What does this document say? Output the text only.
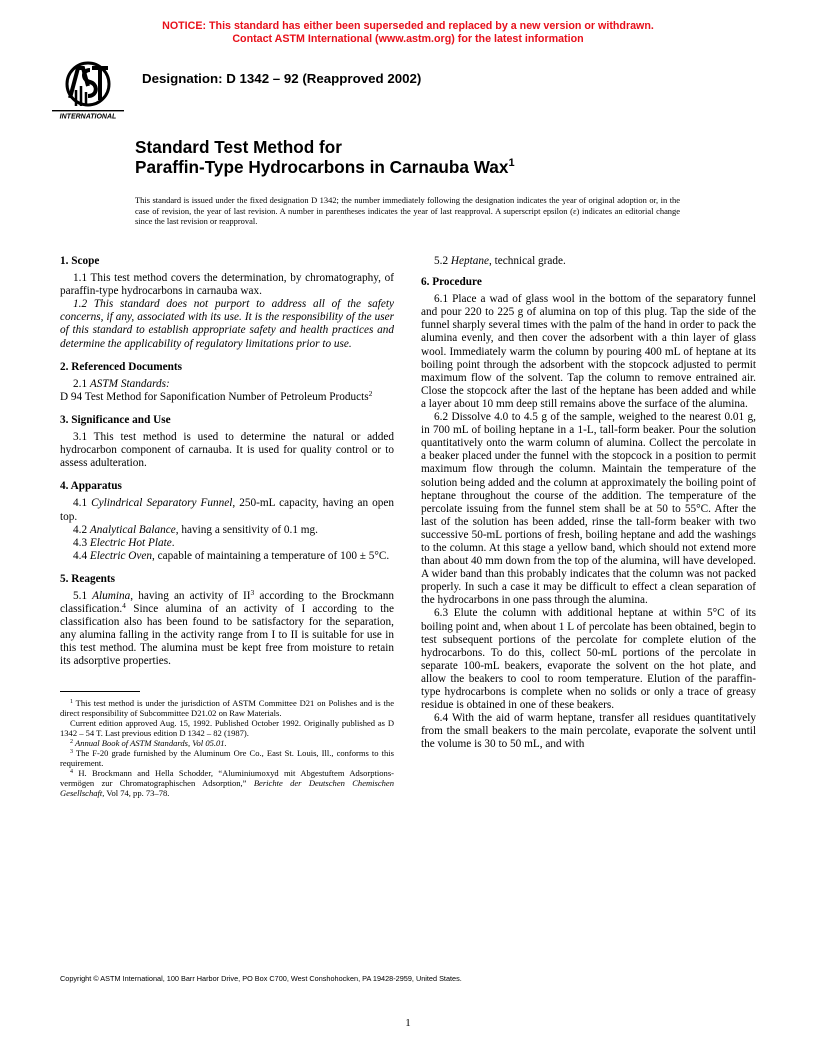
NOTICE: This standard has either been superseded and replaced by a new version or withdrawn.
Contact ASTM International (www.astm.org) for the latest information
INTERNATIONAL
Designation: D 1342 – 92 (Reapproved 2002)
Standard Test Method for
Paraffin-Type Hydrocarbons in Carnauba Wax$^1$
This standard is issued under the fixed designation D 1342; the number immediately following the designation indicates the year of original adoption or, in the case of revision, the year of last revision. A number in parentheses indicates the year of last reapproval. A superscript epsilon (ε) indicates an editorial change since the last revision or reapproval.
1. Scope

1.1 This test method covers the determination, by chromatography, of paraffin-type hydrocarbons in carnauba wax.

1.2 This standard does not purport to address all of the safety concerns, if any, associated with its use. It is the responsibility of the user of this standard to establish appropriate safety and health practices and determine the applicability of regulatory limitations prior to use.

2. Referenced Documents

2.1 ASTM Standards:

D 94 Test Method for Saponification Number of Petroleum Products$^2$

3. Significance and Use

3.1 This test method is used to determine the natural or added hydrocarbon component of carnauba. It is used for quality control or to assess adulteration.

4. Apparatus

4.1 Cylindrical Separatory Funnel, 250-mL capacity, having an open top.

4.2 Analytical Balance, having a sensitivity of 0.1 mg.

4.3 Electric Hot Plate.

4.4 Electric Oven, capable of maintaining a temperature of 100 ± 5°C.

5. Reagents

5.1 Alumina, having an activity of $II^3$ according to the Brockmann classification.$^4$ Since alumina of an activity of I according to the classification also has been found to be satisfactory for the separation, any alumina falling in the activity range from I to II is suitable for use in this test method. The alumina must be kept free from moisture to retain its adsorptive properties.

$^1$ This test method is under the jurisdiction of ASTM Committee D21 on Polishes and is the direct responsibility of Subcommittee D21.02 on Raw Materials.

Current edition approved Aug. 15, 1992. Published October 1992. Originally published as D 1342 – 54 T. Last previous edition D 1342 – 82 (1987).

$^2$ Annual Book of ASTM Standards, Vol 05.01.

$^3$ The F-20 grade furnished by the Aluminum Ore Co., East St. Louis, Ill., conforms to this requirement.

$^4$ H. Brockmann and Hella Schodder, “Aluminiumoxyd mit Abgestuftem Adsorptions-vermögen zur Chromatographischen Adsorption,” Berichte der Deutschen Chemischen Gesellschaft, Vol 74, pp. 73–78.

5.2 Heptane, technical grade.

6. Procedure

6.1 Place a wad of glass wool in the bottom of the separatory funnel and pour 220 to 225 g of alumina on top of this plug. Tap the side of the funnel sharply several times with the palm of the hand in order to pack the alumina evenly, and then cover the adsorbent with a thin layer of glass wool. Immediately warm the column by pouring 400 mL of heptane at its boiling point through the adsorbent with the stopcock adjusted to permit maximum flow of the solvent. Tap the column to remove entrained air. Close the stopcock after the last of the heptane has been added and while a layer about 10 mm deep still remains above the surface of the alumina.

6.2 Dissolve 4.0 to 4.5 g of the sample, weighed to the nearest 0.01 g, in 700 mL of boiling heptane in a 1-L, tall-form beaker. Pour the solution quantitatively onto the warm column of alumina. Collect the percolate in a beaker placed under the funnel with the stopcock in a position to permit maximum flow through the column. Maintain the temperature of the solution being added and the column at approximately the boiling point of heptane throughout the course of the addition. The temperature of the percolate issuing from the funnel stem shall be at 50 to 55°C. After the last of the solution has been added, rinse the tall-form beaker with two successive 50-mL portions of fresh, boiling heptane and add the washings to the column. At this stage a yellow band, which should not extend more than about 40 mm down from the top of the alumina, will have developed. A wider band than this probably indicates that the column was not packed properly. In such a case it may be difficult to effect a clean separation of the hydrocarbons in one pass through the alumina.

6.3 Elute the column with additional heptane at within 5°C of its boiling point and, when about 1 L of percolate has been obtained, begin to test subsequent portions of the percolate for complete elution of the hydrocarbons. To do this, collect 50-mL portions of the percolate in separate 100-mL beakers, evaporate the solvent on the hot plate, and allow the beakers to cool to room temperature. Elution of the paraffin-type hydrocarbons is complete when no solids or only a trace of greasy residue is obtained in one of these beakers.

6.4 With the aid of warm heptane, transfer all residues quantitatively from the small beakers to the main percolate, evaporate the solvent until the volume is 30 to 50 mL, and with

Copyright © ASTM International, 100 Barr Harbor Drive, PO Box C700, West Conshohocken, PA 19428-2959, United States.
1
